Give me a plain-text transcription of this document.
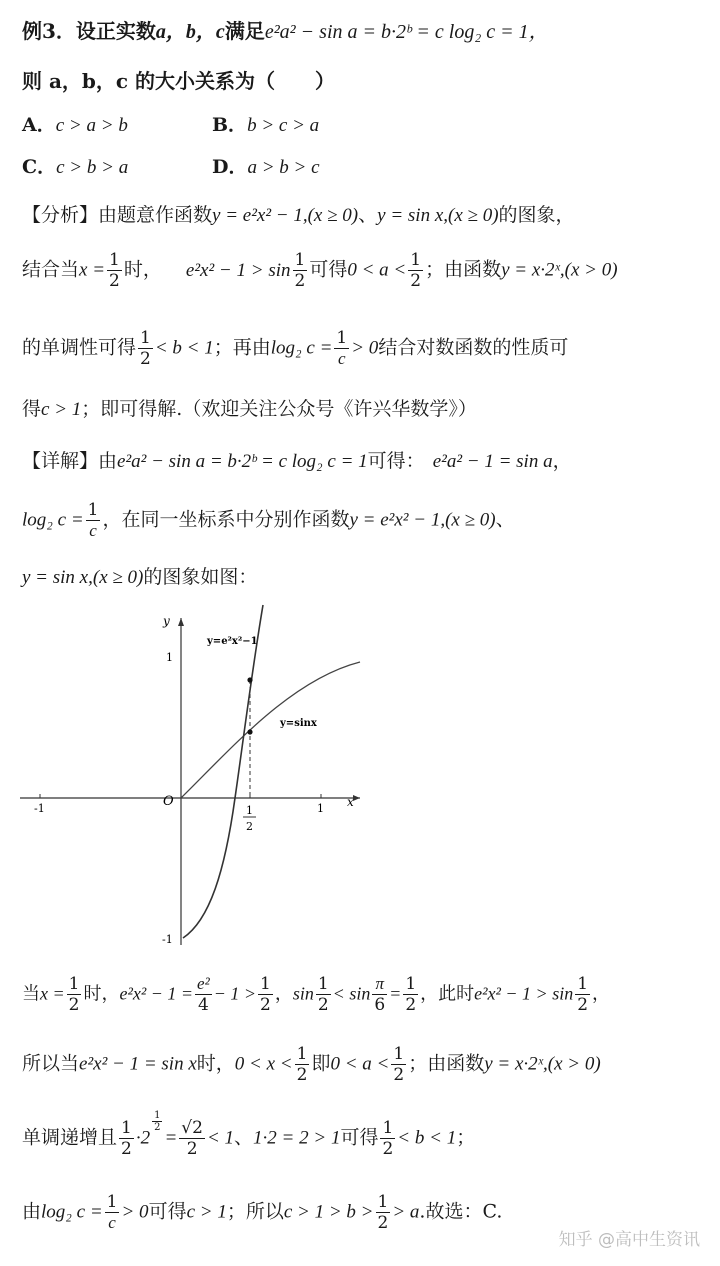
例3．设正实数a，b，c满足e²a² − sin a = b·2ᵇ = c log₂ c = 1，
则 a，b，c 的大小关系为（　　）
A．c > a > b	B．b > c > a
C．c > b > a	D．a > b > c
【分析】由题意作函数y = e²x² − 1,(x ≥ 0)、y = sin x,(x ≥ 0)的图象，
结合当$x = \frac{1}{2}$ 时， $e^2x^2 - 1 > \sin \frac{1}{2}$ 可得$0 < a < \frac{1}{2}$ ；由函数y = x·2ˣ,(x > 0)
的单调性可得 $\frac{1}{2} < b < 1$；再由log₂ $c = \frac{1}{c} > 0$结合对数函数的性质可
得c > 1；即可得解.（欢迎关注公众号《许兴华数学》）
【详解】由e²a² − sin a = b·2ᵇ = c log₂ c = 1可得： e²a² − 1 = sin a，
log₂ $c = \frac{1}{c}$ ，在同一坐标系中分别作函数y = e²x² − 1,(x ≥ 0)、
y = sin x,(x ≥ 0)的图象如图：
-1	1
1
2
O	x
y
1
-1
y=e²x²−1
y=sinx
当$x = \frac{1}{2}$ 时，$e^2x^2 - 1 = \frac{\text{e²}}{4} - 1 > \frac{1}{2}$ ，$\sin \frac{1}{2} < \sin \frac{\pi}{6} = \frac{1}{2}$ ，此时$e^2x^2 - 1 > \sin \frac{1}{2}$ ，
所以当e²x² − 1 = sin x时，$0 < x < \frac{1}{2}$ 即$0 < a < \frac{1}{2}$ ；由函数y = x·2ˣ,(x > 0)
单调递增且 $\frac{1}{2} \cdot 2$
$^{\frac{1}{2}}$
= $\frac{√2}{2} < 1$、1·2 = 2 > 1可得 $\frac{1}{2} < b < 1$；
由log₂ $c = \frac{1}{c} > 0$可得c > 1；所以$c > 1 > b > \frac{1}{2} > a$.故选：C.
知乎 @高中生资讯
